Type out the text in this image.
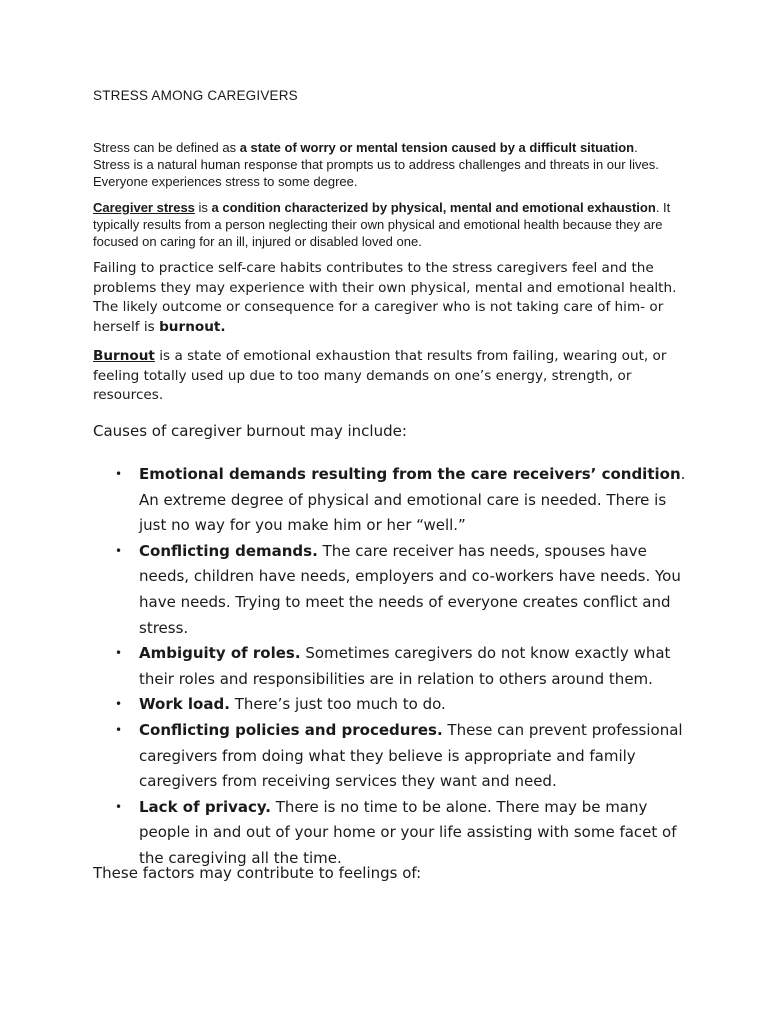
STRESS AMONG CAREGIVERS

Stress can be defined as a state of worry or mental tension caused by a difficult situation. Stress is a natural human response that prompts us to address challenges and threats in our lives. Everyone experiences stress to some degree.

Caregiver stress is a condition characterized by physical, mental and emotional exhaustion. It typically results from a person neglecting their own physical and emotional health because they are focused on caring for an ill, injured or disabled loved one.

Failing to practice self-care habits contributes to the stress caregivers feel and the problems they may experience with their own physical, mental and emotional health. The likely outcome or consequence for a caregiver who is not taking care of him- or herself is burnout.

Burnout is a state of emotional exhaustion that results from failing, wearing out, or feeling totally used up due to too many demands on one’s energy, strength, or resources.

Causes of caregiver burnout may include:
• Emotional demands resulting from the care receivers’ condition. An extreme degree of physical and emotional care is needed. There is just no way for you make him or her “well.”
• Conflicting demands. The care receiver has needs, spouses have needs, children have needs, employers and co-workers have needs. You have needs. Trying to meet the needs of everyone creates conflict and stress.
• Ambiguity of roles. Sometimes caregivers do not know exactly what their roles and responsibilities are in relation to others around them.
• Work load. There’s just too much to do.
• Conflicting policies and procedures. These can prevent professional caregivers from doing what they believe is appropriate and family caregivers from receiving services they want and need.
• Lack of privacy. There is no time to be alone. There may be many people in and out of your home or your life assisting with some facet of the caregiving all the time.
These factors may contribute to feelings of:
